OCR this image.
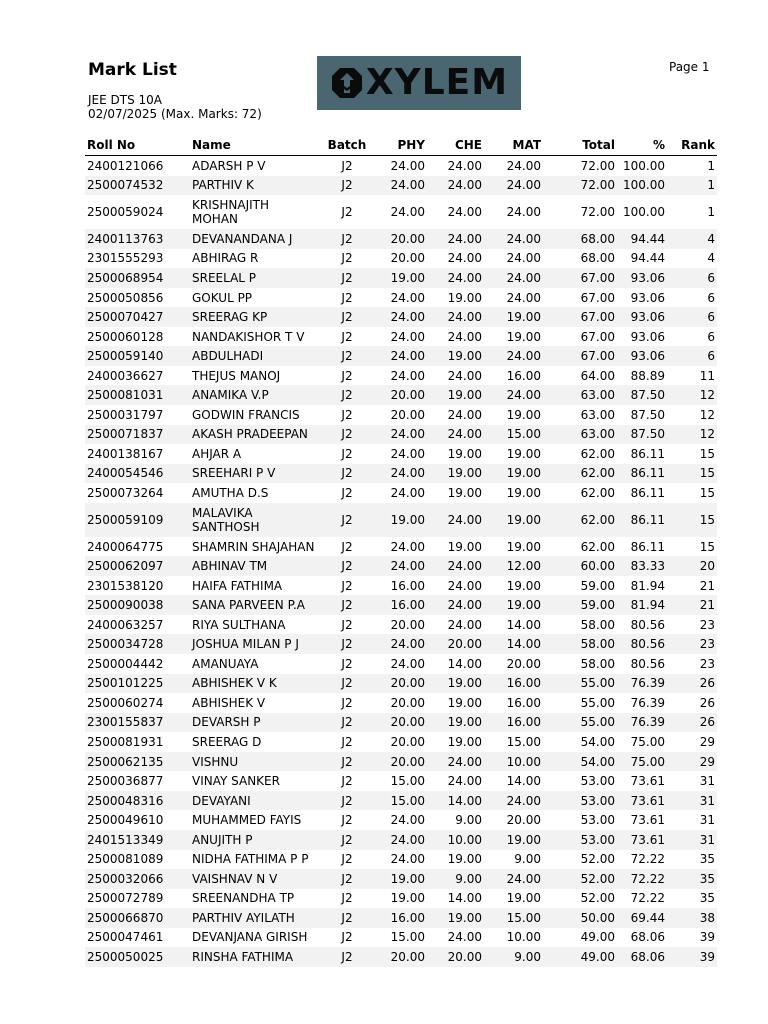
Mark List
JEE DTS 10A
02/07/2025 (Max. Marks: 72)
Page 1
XYLEM
Roll No	Name	Batch	PHY	CHE	MAT	Total	%	Rank
2400121066	ADARSH P V	J2	24.00	24.00	24.00	72.00	100.00	1
2500074532	PARTHIV K	J2	24.00	24.00	24.00	72.00	100.00	1
2500059024	KRISHNAJITH MOHAN	J2	24.00	24.00	24.00	72.00	100.00	1
2400113763	DEVANANDANA J	J2	20.00	24.00	24.00	68.00	94.44	4
2301555293	ABHIRAG R	J2	20.00	24.00	24.00	68.00	94.44	4
2500068954	SREELAL P	J2	19.00	24.00	24.00	67.00	93.06	6
2500050856	GOKUL PP	J2	24.00	19.00	24.00	67.00	93.06	6
2500070427	SREERAG KP	J2	24.00	24.00	19.00	67.00	93.06	6
2500060128	NANDAKISHOR T V	J2	24.00	24.00	19.00	67.00	93.06	6
2500059140	ABDULHADI	J2	24.00	19.00	24.00	67.00	93.06	6
2400036627	THEJUS MANOJ	J2	24.00	24.00	16.00	64.00	88.89	11
2500081031	ANAMIKA V.P	J2	20.00	19.00	24.00	63.00	87.50	12
2500031797	GODWIN FRANCIS	J2	20.00	24.00	19.00	63.00	87.50	12
2500071837	AKASH PRADEEPAN	J2	24.00	24.00	15.00	63.00	87.50	12
2400138167	AHJAR A	J2	24.00	19.00	19.00	62.00	86.11	15
2400054546	SREEHARI P V	J2	24.00	19.00	19.00	62.00	86.11	15
2500073264	AMUTHA D.S	J2	24.00	19.00	19.00	62.00	86.11	15
2500059109	MALAVIKA SANTHOSH	J2	19.00	24.00	19.00	62.00	86.11	15
2400064775	SHAMRIN SHAJAHAN	J2	24.00	19.00	19.00	62.00	86.11	15
2500062097	ABHINAV TM	J2	24.00	24.00	12.00	60.00	83.33	20
2301538120	HAIFA FATHIMA	J2	16.00	24.00	19.00	59.00	81.94	21
2500090038	SANA PARVEEN P.A	J2	16.00	24.00	19.00	59.00	81.94	21
2400063257	RIYA SULTHANA	J2	20.00	24.00	14.00	58.00	80.56	23
2500034728	JOSHUA MILAN P J	J2	24.00	20.00	14.00	58.00	80.56	23
2500004442	AMANUAYA	J2	24.00	14.00	20.00	58.00	80.56	23
2500101225	ABHISHEK V K	J2	20.00	19.00	16.00	55.00	76.39	26
2500060274	ABHISHEK V	J2	20.00	19.00	16.00	55.00	76.39	26
2300155837	DEVARSH P	J2	20.00	19.00	16.00	55.00	76.39	26
2500081931	SREERAG D	J2	20.00	19.00	15.00	54.00	75.00	29
2500062135	VISHNU	J2	20.00	24.00	10.00	54.00	75.00	29
2500036877	VINAY SANKER	J2	15.00	24.00	14.00	53.00	73.61	31
2500048316	DEVAYANI	J2	15.00	14.00	24.00	53.00	73.61	31
2500049610	MUHAMMED FAYIS	J2	24.00	9.00	20.00	53.00	73.61	31
2401513349	ANUJITH P	J2	24.00	10.00	19.00	53.00	73.61	31
2500081089	NIDHA FATHIMA P P	J2	24.00	19.00	9.00	52.00	72.22	35
2500032066	VAISHNAV N V	J2	19.00	9.00	24.00	52.00	72.22	35
2500072789	SREENANDHA TP	J2	19.00	14.00	19.00	52.00	72.22	35
2500066870	PARTHIV AYILATH	J2	16.00	19.00	15.00	50.00	69.44	38
2500047461	DEVANJANA GIRISH	J2	15.00	24.00	10.00	49.00	68.06	39
2500050025	RINSHA FATHIMA	J2	20.00	20.00	9.00	49.00	68.06	39
